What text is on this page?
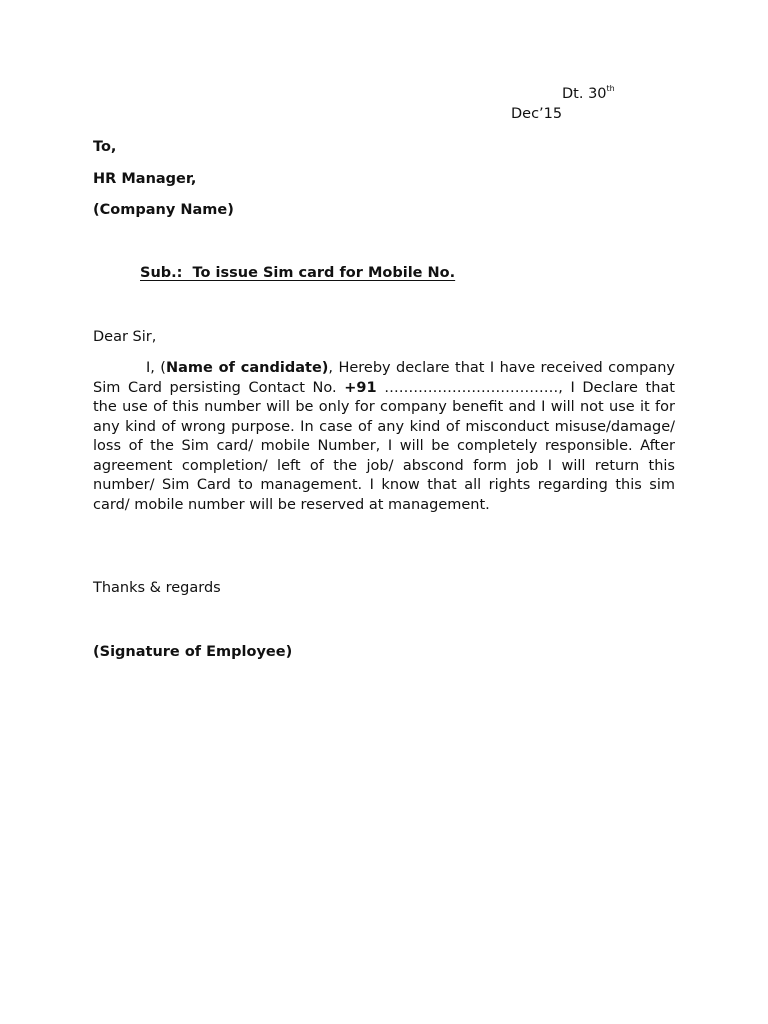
Dt. 30th
Dec’15
To,
HR Manager,
(Company Name)
Sub.:  To issue Sim card for Mobile No.
Dear Sir,
I, (Name of candidate), Hereby declare that I have received company Sim Card persisting Contact No. +91 ………………………………, I Declare that the use of this number will be only for company benefit and I will not use it for any kind of wrong purpose. In case of any kind of misconduct misuse/damage/ loss of the Sim card/ mobile Number, I will be completely responsible. After agreement completion/ left of the job/ abscond form job I will return this number/ Sim Card to management. I know that all rights regarding this sim card/ mobile number will be reserved at management.
Thanks & regards
(Signature of Employee)
